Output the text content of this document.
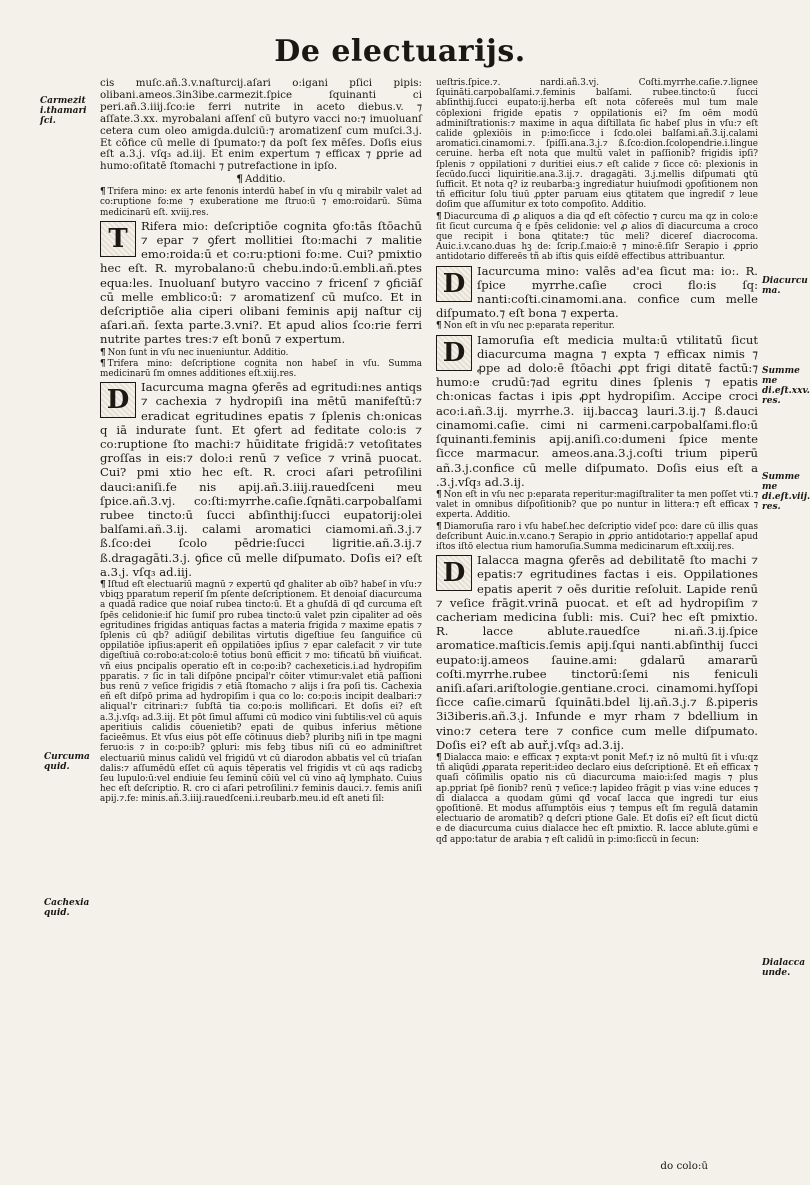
De electuarijs.
Carmezit i.thamari ſci.
Curcuma quid.
Cachexia quid.
Diacurcu ma.
Summe me di.eſt.xxv. res.
Summe me di.eſt.viij. res.
Dialacca unde.

cis muſc.añ.3.v.naſturcij.aſari o:igani pſici pipis: olibani.ameos.3in3ibe.carmezit.ſpice ſquinanti ci peri.añ.3.iiij.ſco:ie ferri nutrite in aceto diebus.v. ⁊ aſſate.3.xx. myrobalani aſſenſ cū butyro vacci no:⁊ imuoluanſ cetera cum oleo amigda.dulciū:⁊ aromatizenſ cum muſci.3.j. Et cōfice cū melle di ſpumato:⁊ da poſt ſex mēſes. Doſis eius eſt a.3.j. vſq₃ ad.iij. Et enim expertum ⁊ efficax ⁊ ꝑprie ad humo:oſitatē ſtomachi ⁊ putrefactione in ipſo.

¶ Additio.

¶ Trifera mino: ex arte fenonis interdū habeſ in vſu q mirabilr valet ad co:ruptione fo:me ⁊ exuberatione me ſtruo:ū ⁊ emo:roidarū. Sūma medicinarū eſt. xviij.res.

T	Rifera mio: deſcriptiōe cognita ꝯfo:tās ſtōachū ⁊ epar ⁊ ꝯfert mollitiei ſto:machi ⁊ malitie emo:roida:ū et co:ru:ptioni fo:me. Cui? pmixtio hec eſt. R. myrobalano:ū chebu.indo:ū.embli.añ.ptes equa:les. Inuoluanſ butyro vaccino ⁊ fricenſ ⁊ ꝯficiāſ cū melle emblico:ū: ⁊ aromatizenſ cū muſco. Et in deſcriptiōe alia ciperi olibani feminis apij naſtur cij aſari.añ. ſexta parte.3.vni?. Et apud alios ſco:rie ferri nutrite partes tres:⁊ eſt bonū ⁊ expertum.

¶ Non ſunt in vſu nec inueniuntur. Additio.

¶ Trifera mino: deſcriptione cognita non habeſ in vſu. Summa medicinarū ſm omnes additiones eſt.xiij.res.

D	Iacurcuma magna ꝯferēs ad egritudi:nes antiqs ⁊ cachexia ⁊ hydropiſi ina mētū manifeſtū:⁊ eradicat egritudines epatis ⁊ ſplenis ch:onicas q iā indurate ſunt. Et ꝯfert ad feditate colo:is ⁊ co:ruptione ſto machi:⁊ hūiditate frigidā:⁊ vetoſitates groſſas in eis:⁊ dolo:i renū ⁊ veſice ⁊ vrinā puocat. Cui? pmi xtio hec eſt. R. croci aſari petroſilini dauci:aniſi.fe nis apij.añ.3.iiij.rauedſceni meu ſpice.añ.3.vj. co:ſti:myrrhe.caſie.ſqnāti.carpobalſami rubee tincto:ū ſucci abſinthij:ſucci eupatorij:olei balſami.añ.3.ij. calami aromatici ciamomi.añ.3.j.⁊ ß.ſco:dei ſcolo pēdrie:ſucci ligritie.añ.3.ij.⁊ ß.dragagāti.3.j. ꝯfice cū melle diſpumato. Doſis ei? eſt a.3.j. vſq₃ ad.iij.

¶ Iſtud eſt electuariū magnū ⁊ expertū qđ ghaliter ab oīb? habeſ in vſu:⁊ vbiqꝫ pparatum reperiſ ſm pſente deſcriptionem. Et denoiaſ diacurcuma a quadā radice que noiaſ rubea tincto:ū. Et a ghuſdā dī qđ curcuma eſt ſpēs celidonie:iſ hic ſumiſ pro rubea tincto:ū valet pzin cipaliter ad oēs egritudines frigidas antiquas factas a materia frigida ⁊ maxime epatis ⁊ ſplenis cū qb? adiūgiſ debilitas virtutis digeſtiue ſeu ſanguifice cū oppilatiōe ipſius:aperit eñ oppilatiōes ipſius ⁊ epar calefacit ⁊ vir tute digeſtiuā co:robo:at:colo:ē totius bonū efficit ⁊ mo: tificatū bñ viuificat. vñ eius pncipalis operatio eſt in co:po:ib? cachexeticis.i.ad hydropiſim pparatis. ⁊ ſic in tali diſpōne pncipal'r cōiter vtimur:valet etiā paſſioni bus renū ⁊ veſice frigidis ⁊ etiā ſtomacho ⁊ alijs i ſra poſi tis. Cachexia eñ eſt diſpō prima ad hydropiſim i qua co lo: co:po:is incipit dealbari:⁊ aliqual'r citrinari:⁊ ſubſtā tia co:po:is mollificari. Et doſis ei? eſt a.3.j.vſq₃ ad.3.iij. Et pōt ſimul aſſumi cū modico vini ſubtilis:vel cū aquis aperitiuis calidis cōuenietib? epati de quibus inferius mētione facieēmus. Et vſus eius pōt eſſe cōtinuus dieb? pluribꝫ niſi in tpe magni feruo:is ⁊ in co:po:ib? ꝯpluri: mis febꝫ tibus niſi cū eo adminiſtret electuariū minus calidū vel frigidū vt cū diarodon abbatis vel cū triaſan dalis:⁊ aſſumēdū eſſet cū aquis tēperatis vel frigidis vt cū aqs radicbꝫ ſeu lupulo:ū:vel endiuie ſeu ſeminū cōiū vel cū vino aq̄ lymphato. Cuius hec eſt deſcriptio. R. cro ci aſari petroſilini.⁊ feminis dauci.⁊. femis aniſi apij.⁊.fe: minis.añ.3.iiij.rauedſceni.i.reubarb.meu.id eſt aneti ſil:

ueſtris.ſpice.⁊. nardi.añ.3.vj. Coſti.myrrhe.caſie.⁊.lignee ſquināti.carpobalſami.⁊.feminis balſami. rubee.tincto:ū ſucci abſinthij.ſucci eupato:ij.herba eſt nota cōfereēs mul tum male cōplexioni frigide epatis ⁊ oppilationis ei? ſm oēm modū adminiſtrationis:⁊ maxime in aqua diſtillata ſic habeſ plus in vſu:⁊ eſt calide ꝯplexiōis in p:imo:ſicce i ſcdo.olei balſami.añ.3.ij.calami aromatici.cinamomi.⁊. ſpiſſi.ana.3.j.⁊ ß.ſco:dion.ſcolopendrie.i.lingue ceruine. herba eſt nota que multū valet in paſſionib? frigidis ipſi? ſplenis ⁊ oppilationi ⁊ duritiei eius.⁊ eſt calide ⁊ ſicce cō: plexionis in ſecūdo.ſucci liquiritie.ana.3.ij.⁊. dragagāti. 3.j.mellis diſpumati ꝗtū ſufficit. Et nota q? iz reubarba:ꝫ ingrediatur huiuſmodi ꝯpoſitionem non tñ efficitur ſolu tiuū ꝓpter paruam eius ꝗtitatem que ingrediſ ⁊ leue doſim que aſſumitur ex toto compoſito. Additio.

¶ Diacurcuma dī ꝓ aliquos a dia qđ eſt cōfectio ⁊ curcu ma qz in colo:e ſit ſicut curcuma q̄ e ſpēs celidonie: vel ꝓ alios dī diacurcuma a croco que recipit i bona ꝗtitate:⁊ tūc meli? dicereſ diacrocoma. Auic.i.v.cano.duas hꝫ de: ſcrip.ſ.maio:ē ⁊ mino:ē.ſiſr Serapio i ꝓprio antidotario differeēs tñ ab iſtis ꝗuis eiſdē effectibus attribuantur.

D	Iacurcuma mino: valēs ad'ea ſicut ma: io:. R. ſpice myrrhe.caſie croci flo:is ſq: nanti:coſti.cinamomi.ana. confice cum melle diſpumato.⁊ eſt bona ⁊ experta.

¶ Non eſt in vſu nec p:eparata reperitur.

D	Iamoruſia eſt medicia multa:ū vtilitatū ſicut diacurcuma magna ⁊ expta ⁊ efficax nimis ⁊ ꝓpe ad dolo:ē ſtōachi ꝓpt frigi ditatē factū:⁊ humo:e crudū:⁊ad egritu dines ſplenis ⁊ epatis ch:onicas factas i ipis ꝓpt hydropiſim. Accipe croci aco:i.añ.3.ij. myrrhe.3. iij.baccaꝫ lauri.3.ij.⁊ ß.dauci cinamomi.caſie. cimi ni carmeni.carpobalſami.flo:ū ſquinanti.feminis apij.aniſi.co:dumeni ſpice mente ſicce marmacur. ameos.ana.3.j.coſti trium piperū añ.3.j.confice cū melle diſpumato. Doſis eius eſt a .3.j.vſq₃ ad.3.ij.

¶ Non eſt in vſu nec p:eparata reperitur:magiſtraliter ta men poſſet vti.⁊ valet in omnibus diſpoſitionib? que po nuntur in littera:⁊ eſt efficax ⁊ experta. Additio.

¶ Diamoruſia raro i vſu habeſ.hec deſcriptio videſ pco: dare cū illis quas deſcribunt Auic.in.v.cano.⁊ Serapio in ꝓprio antidotario:⁊ appellaſ apud iſtos iſtō electua rium hamoruſia.Summa medicinarum eſt.xxiij.res.

D	Ialacca magna ꝯferēs ad debilitatē ſto machi ⁊ epatis:⁊ egritudines factas i eis. Oppilationes epatis aperit ⁊ oēs duritie reſoluit. Lapide renū ⁊ veſice frāgit.vrinā puocat. et eſt ad hydropiſim ⁊ cacheriam medicina ſubli: mis. Cui? hec eſt pmixtio. R. lacce ablute.rauedſce ni.añ.3.ij.ſpice aromatice.maſticis.ſemis apij.ſqui nanti.abſinthij ſucci eupato:ij.ameos ſauine.ami: gdalarū amararū coſti.myrrhe.rubee tinctorū:ſemi nis feniculi aniſi.aſari.ariſtologie.gentiane.croci. cinamomi.hyſſopi ſicce caſie.cimarū ſquināti.bdel lij.añ.3.j.⁊ ß.piperis 3i3iberis.añ.3.j. Infunde e myr rham ⁊ bdellium in vino:⁊ cetera tere ⁊ confice cum melle diſpumato. Doſis ei? eſt ab auř.j.vſq₃ ad.3.ij.

¶ Dialacca maio: e efficax ⁊ expta:vt ponit Mef.⁊ iz nō multū ſit i vſu:qz tñ aliqūdi ꝓparata reperit:ideo declaro eius deſcriptionē. Et eñ efficax ⁊ quaſi cōſimilis opatio nis cū diacurcuma maio:i:ſed magis ⁊ plus ap.ppriat ſpē ſionib? renū ⁊ veſice:⁊ lapideo frāgit p vias v:ine educes ⁊ dī dialacca a quodam gūmi qđ vocaſ lacca que ingredi tur eius ꝯpoſitionē. Et modus aſſumptōis eius ⁊ tempus eſt ſm regulā datamin electuario de aromatib? ꝗ deſcri ptione Gale. Et doſis ei? eſt ſicut dictū e de diacurcuma cuius dialacce hec eſt pmixtio. R. lacce ablute.gūmi e qđ appo:tatur de arabia ⁊ eſt calidū in p:imo:ſiccū in ſecun:

do colo:ū
